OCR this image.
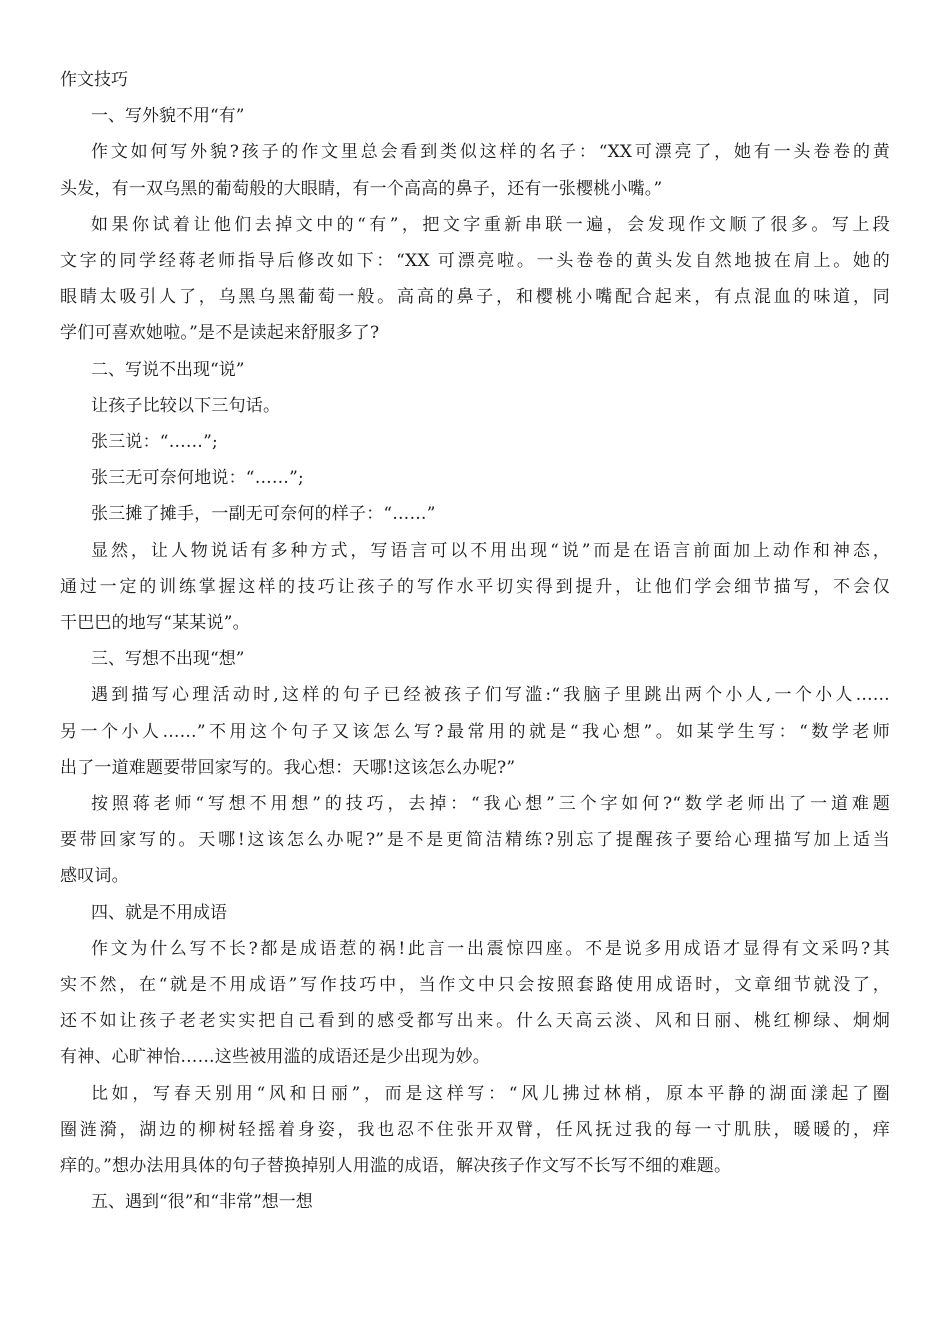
作文技巧

一、写外貌不用“有”

作文如何写外貌?孩子的作文里总会看到类似这样的名子：“XX可漂亮了，她有一头卷卷的黄

头发，有一双乌黑的葡萄般的大眼睛，有一个高高的鼻子，还有一张樱桃小嘴。”

如果你试着让他们去掉文中的“有”，把文字重新串联一遍，会发现作文顺了很多。写上段

文字的同学经蒋老师指导后修改如下：“XX 可漂亮啦。一头卷卷的黄头发自然地披在肩上。她的

眼睛太吸引人了，乌黑乌黑葡萄一般。高高的鼻子，和樱桃小嘴配合起来，有点混血的味道，同

学们可喜欢她啦。”是不是读起来舒服多了?

二、写说不出现“说”

让孩子比较以下三句话。

张三说：“……”;

张三无可奈何地说：“……”;

张三摊了摊手，一副无可奈何的样子：“……”

显然，让人物说话有多种方式，写语言可以不用出现“说”而是在语言前面加上动作和神态，

通过一定的训练掌握这样的技巧让孩子的写作水平切实得到提升，让他们学会细节描写，不会仅

干巴巴的地写“某某说”。

三、写想不出现“想”

遇到描写心理活动时,这样的句子已经被孩子们写滥:“我脑子里跳出两个小人,一个小人……

另一个小人……”不用这个句子又该怎么写?最常用的就是“我心想”。如某学生写：“数学老师

出了一道难题要带回家写的。我心想：天哪!这该怎么办呢?”

按照蒋老师“写想不用想”的技巧，去掉：“我心想”三个字如何?“数学老师出了一道难题

要带回家写的。天哪!这该怎么办呢?”是不是更简洁精练?别忘了提醒孩子要给心理描写加上适当

感叹词。

四、就是不用成语

作文为什么写不长?都是成语惹的祸!此言一出震惊四座。不是说多用成语才显得有文采吗?其

实不然，在“就是不用成语”写作技巧中，当作文中只会按照套路使用成语时，文章细节就没了，

还不如让孩子老老实实把自己看到的感受都写出来。什么天高云淡、风和日丽、桃红柳绿、炯炯

有神、心旷神怡……这些被用滥的成语还是少出现为妙。

比如，写春天别用“风和日丽”，而是这样写：“风儿拂过林梢，原本平静的湖面漾起了圈

圈涟漪，湖边的柳树轻摇着身姿，我也忍不住张开双臂，任风抚过我的每一寸肌肤，暖暖的，痒

痒的。”想办法用具体的句子替换掉别人用滥的成语，解决孩子作文写不长写不细的难题。

五、遇到“很”和“非常”想一想
